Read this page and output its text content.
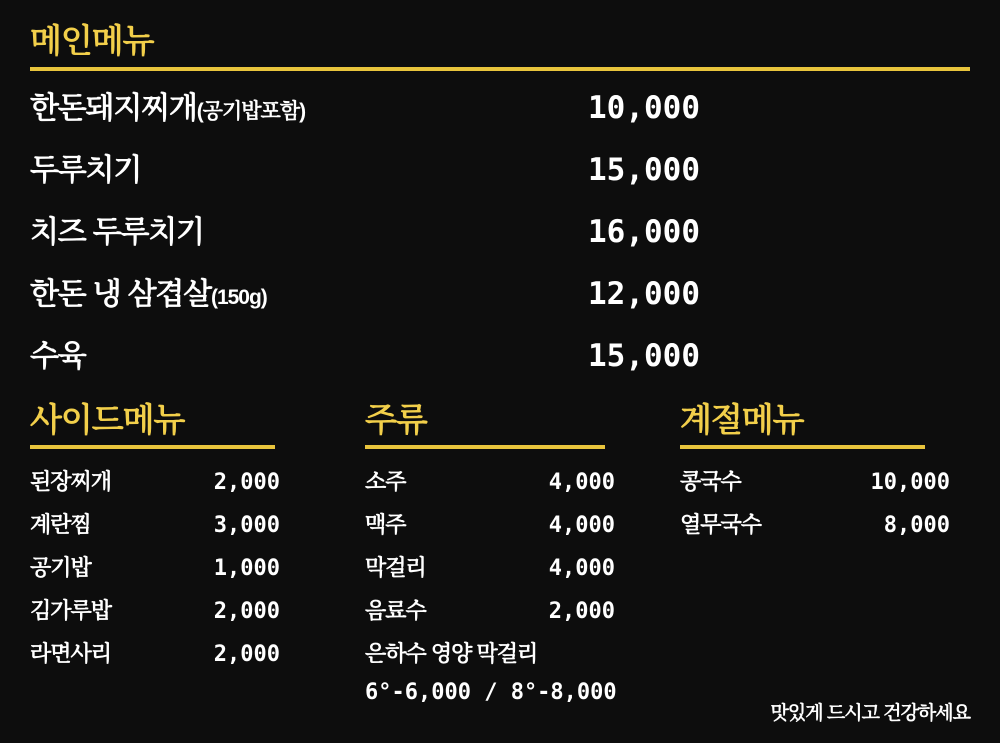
메인메뉴
한돈돼지찌개(공기밥포함)	10,000
두루치기	15,000
치즈 두루치기	16,000
한돈 냉 삼겹살(150g)	12,000
수육	15,000
사이드메뉴
된장찌개	2,000
계란찜	3,000
공기밥	1,000
김가루밥	2,000
라면사리	2,000
주류
소주	4,000
맥주	4,000
막걸리	4,000
음료수	2,000
은하수 영양 막걸리
6°-6,000 / 8°-8,000
계절메뉴
콩국수	10,000
열무국수	8,000
맛있게 드시고 건강하세요
